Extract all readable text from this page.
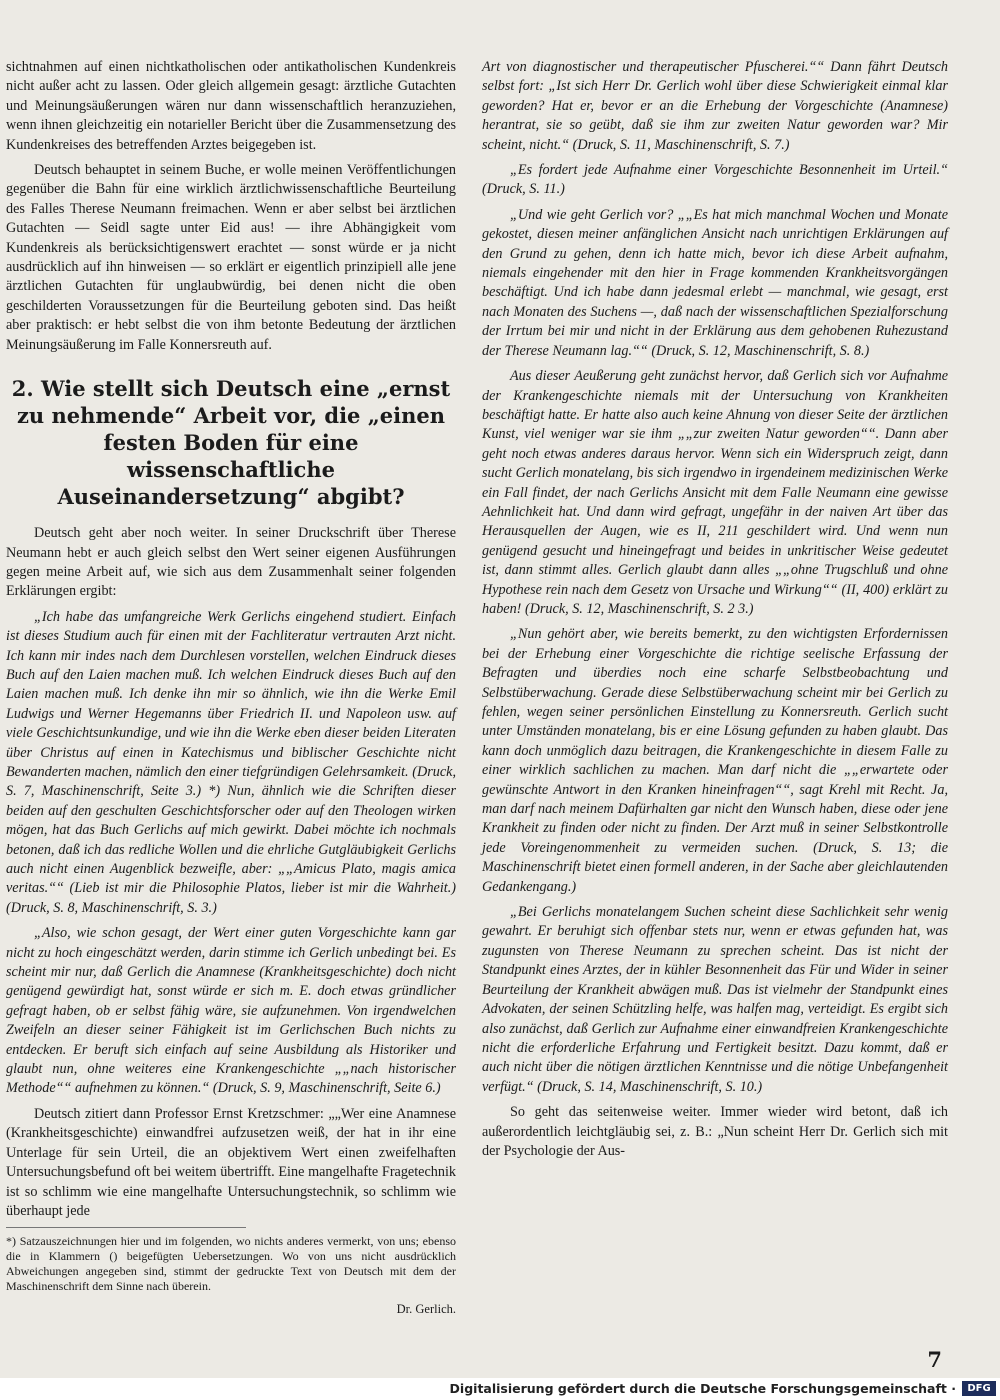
sichtnahmen auf einen nichtkatholischen oder antikatholischen Kundenkreis nicht außer acht zu lassen. Oder gleich allgemein gesagt: ärztliche Gutachten und Meinungsäußerungen wären nur dann wissenschaftlich heranzuziehen, wenn ihnen gleichzeitig ein notarieller Bericht über die Zusammensetzung des Kundenkreises des betreffenden Arztes beigegeben ist.

Deutsch behauptet in seinem Buche, er wolle meinen Veröffentlichungen gegenüber die Bahn für eine wirklich ärztlichwissenschaftliche Beurteilung des Falles Therese Neumann freimachen. Wenn er aber selbst bei ärztlichen Gutachten — Seidl sagte unter Eid aus! — ihre Abhängigkeit vom Kundenkreis als berücksichtigenswert erachtet — sonst würde er ja nicht ausdrücklich auf ihn hinweisen — so erklärt er eigentlich prinzipiell alle jene ärztlichen Gutachten für unglaubwürdig, bei denen nicht die oben geschilderten Voraussetzungen für die Beurteilung geboten sind. Das heißt aber praktisch: er hebt selbst die von ihm betonte Bedeutung der ärztlichen Meinungsäußerung im Falle Konnersreuth auf.

2. Wie stellt sich Deutsch eine „ernst zu nehmende“ Arbeit vor, die „einen festen Boden für eine wissenschaftliche Auseinandersetzung“ abgibt?

Deutsch geht aber noch weiter. In seiner Druckschrift über Therese Neumann hebt er auch gleich selbst den Wert seiner eigenen Ausführungen gegen meine Arbeit auf, wie sich aus dem Zusammenhalt seiner folgenden Erklärungen ergibt:

„Ich habe das umfangreiche Werk Gerlichs eingehend studiert. Einfach ist dieses Studium auch für einen mit der Fachliteratur vertrauten Arzt nicht. Ich kann mir indes nach dem Durchlesen vorstellen, welchen Eindruck dieses Buch auf den Laien machen muß. Ich welchen Eindruck dieses Buch auf den Laien machen muß. Ich denke ihn mir so ähnlich, wie ihn die Werke Emil Ludwigs und Werner Hegemanns über Friedrich II. und Napoleon usw. auf viele Geschichtsunkundige, und wie ihn die Werke eben dieser beiden Literaten über Christus auf einen in Katechismus und biblischer Geschichte nicht Bewanderten machen, nämlich den einer tiefgründigen Gelehrsamkeit. (Druck, S. 7, Maschinenschrift, Seite 3.) *) Nun, ähnlich wie die Schriften dieser beiden auf den geschulten Geschichtsforscher oder auf den Theologen wirken mögen, hat das Buch Gerlichs auf mich gewirkt. Dabei möchte ich nochmals betonen, daß ich das redliche Wollen und die ehrliche Gutgläubigkeit Gerlichs auch nicht einen Augenblick bezweifle, aber: „„Amicus Plato, magis amica veritas.““ (Lieb ist mir die Philosophie Platos, lieber ist mir die Wahrheit.) (Druck, S. 8, Maschinenschrift, S. 3.)

„Also, wie schon gesagt, der Wert einer guten Vorgeschichte kann gar nicht zu hoch eingeschätzt werden, darin stimme ich Gerlich unbedingt bei. Es scheint mir nur, daß Gerlich die Anamnese (Krankheitsgeschichte) doch nicht genügend gewürdigt hat, sonst würde er sich m. E. doch etwas gründlicher gefragt haben, ob er selbst fähig wäre, sie aufzunehmen. Von irgendwelchen Zweifeln an dieser seiner Fähigkeit ist im Gerlichschen Buch nichts zu entdecken. Er beruft sich einfach auf seine Ausbildung als Historiker und glaubt nun, ohne weiteres eine Krankengeschichte „„nach historischer Methode““ aufnehmen zu können.“ (Druck, S. 9, Maschinenschrift, Seite 6.)

Deutsch zitiert dann Professor Ernst Kretzschmer: „„Wer eine Anamnese (Krankheitsgeschichte) einwandfrei aufzusetzen weiß, der hat in ihr eine Unterlage für sein Urteil, die an objektivem Wert einen zweifelhaften Untersuchungsbefund oft bei weitem übertrifft. Eine mangelhafte Fragetechnik ist so schlimm wie eine mangelhafte Untersuchungstechnik, so schlimm wie überhaupt jede

*) Satzauszeichnungen hier und im folgenden, wo nichts anderes vermerkt, von uns; ebenso die in Klammern () beigefügten Uebersetzungen. Wo von uns nicht ausdrücklich Abweichungen angegeben sind, stimmt der gedruckte Text von Deutsch mit dem der Maschinenschrift dem Sinne nach überein.

Dr. Gerlich.

Art von diagnostischer und therapeutischer Pfuscherei.““ Dann fährt Deutsch selbst fort: „Ist sich Herr Dr. Gerlich wohl über diese Schwierigkeit einmal klar geworden? Hat er, bevor er an die Erhebung der Vorgeschichte (Anamnese) herantrat, sie so geübt, daß sie ihm zur zweiten Natur geworden war? Mir scheint, nicht.“ (Druck, S. 11, Maschinenschrift, S. 7.)

„Es fordert jede Aufnahme einer Vorgeschichte Besonnenheit im Urteil.“ (Druck, S. 11.)

„Und wie geht Gerlich vor? „„Es hat mich manchmal Wochen und Monate gekostet, diesen meiner anfänglichen Ansicht nach unrichtigen Erklärungen auf den Grund zu gehen, denn ich hatte mich, bevor ich diese Arbeit aufnahm, niemals eingehender mit den hier in Frage kommenden Krankheitsvorgängen beschäftigt. Und ich habe dann jedesmal erlebt — manchmal, wie gesagt, erst nach Monaten des Suchens —, daß nach der wissenschaftlichen Spezialforschung der Irrtum bei mir und nicht in der Erklärung aus dem gehobenen Ruhezustand der Therese Neumann lag.““ (Druck, S. 12, Maschinenschrift, S. 8.)

Aus dieser Aeußerung geht zunächst hervor, daß Gerlich sich vor Aufnahme der Krankengeschichte niemals mit der Untersuchung von Krankheiten beschäftigt hatte. Er hatte also auch keine Ahnung von dieser Seite der ärztlichen Kunst, viel weniger war sie ihm „„zur zweiten Natur geworden““. Dann aber geht noch etwas anderes daraus hervor. Wenn sich ein Widerspruch zeigt, dann sucht Gerlich monatelang, bis sich irgendwo in irgendeinem medizinischen Werke ein Fall findet, der nach Gerlichs Ansicht mit dem Falle Neumann eine gewisse Aehnlichkeit hat. Und dann wird gefragt, ungefähr in der naiven Art über das Herausquellen der Augen, wie es II, 211 geschildert wird. Und wenn nun genügend gesucht und hineingefragt und beides in unkritischer Weise gedeutet ist, dann stimmt alles. Gerlich glaubt dann alles „„ohne Trugschluß und ohne Hypothese rein nach dem Gesetz von Ursache und Wirkung““ (II, 400) erklärt zu haben! (Druck, S. 12, Maschinenschrift, S. 2 3.)

„Nun gehört aber, wie bereits bemerkt, zu den wichtigsten Erfordernissen bei der Erhebung einer Vorgeschichte die richtige seelische Erfassung der Befragten und überdies noch eine scharfe Selbstbeobachtung und Selbstüberwachung. Gerade diese Selbstüberwachung scheint mir bei Gerlich zu fehlen, wegen seiner persönlichen Einstellung zu Konnersreuth. Gerlich sucht unter Umständen monatelang, bis er eine Lösung gefunden zu haben glaubt. Das kann doch unmöglich dazu beitragen, die Krankengeschichte in diesem Falle zu einer wirklich sachlichen zu machen. Man darf nicht die „„erwartete oder gewünschte Antwort in den Kranken hineinfragen““, sagt Krehl mit Recht. Ja, man darf nach meinem Dafürhalten gar nicht den Wunsch haben, diese oder jene Krankheit zu finden oder nicht zu finden. Der Arzt muß in seiner Selbstkontrolle jede Voreingenommenheit zu vermeiden suchen. (Druck, S. 13; die Maschinenschrift bietet einen formell anderen, in der Sache aber gleichlautenden Gedankengang.)

„Bei Gerlichs monatelangem Suchen scheint diese Sachlichkeit sehr wenig gewahrt. Er beruhigt sich offenbar stets nur, wenn er etwas gefunden hat, was zugunsten von Therese Neumann zu sprechen scheint. Das ist nicht der Standpunkt eines Arztes, der in kühler Besonnenheit das Für und Wider in seiner Beurteilung der Krankheit abwägen muß. Das ist vielmehr der Standpunkt eines Advokaten, der seinen Schützling helfe, was halfen mag, verteidigt. Es ergibt sich also zunächst, daß Gerlich zur Aufnahme einer einwandfreien Krankengeschichte nicht die erforderliche Erfahrung und Fertigkeit besitzt. Dazu kommt, daß er auch nicht über die nötigen ärztlichen Kenntnisse und die nötige Unbefangenheit verfügt.“ (Druck, S. 14, Maschinenschrift, S. 10.)

So geht das seitenweise weiter. Immer wieder wird betont, daß ich außerordentlich leichtgläubig sei, z. B.: „Nun scheint Herr Dr. Gerlich sich mit der Psychologie der Aus-

7
Digitalisierung gefördert durch die Deutsche Forschungsgemeinschaft ·	DFG
